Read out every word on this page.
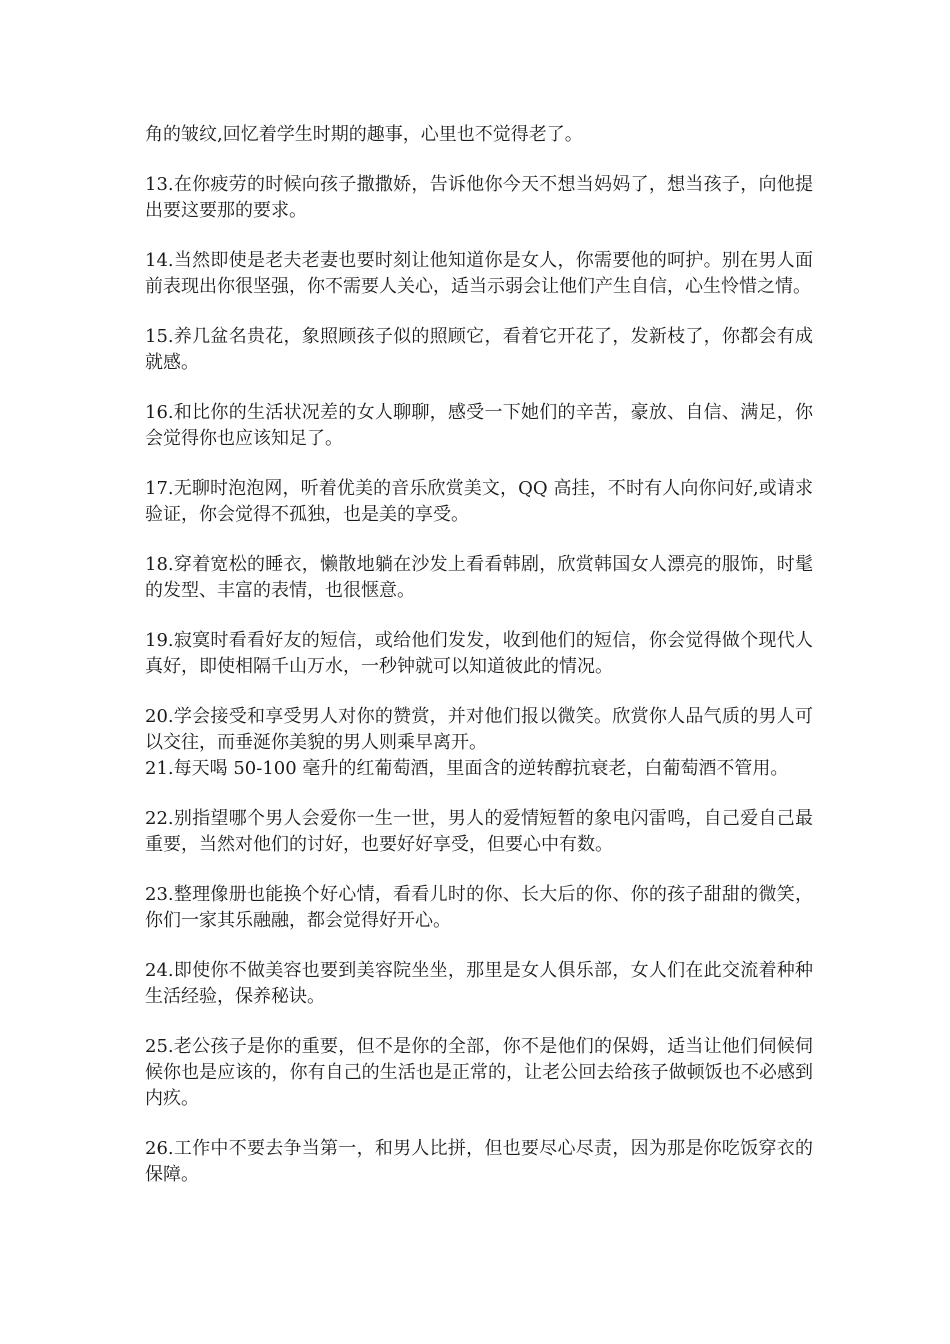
角的皱纹,回忆着学生时期的趣事，心里也不觉得老了。

13.在你疲劳的时候向孩子撒撒娇，告诉他你今天不想当妈妈了，想当孩子，向他提出要这要那的要求。

14.当然即使是老夫老妻也要时刻让他知道你是女人，你需要他的呵护。别在男人面前表现出你很坚强，你不需要人关心，适当示弱会让他们产生自信，心生怜惜之情。

15.养几盆名贵花，象照顾孩子似的照顾它，看着它开花了，发新枝了，你都会有成就感。

16.和比你的生活状况差的女人聊聊，感受一下她们的辛苦，豪放、自信、满足，你会觉得你也应该知足了。

17.无聊时泡泡网，听着优美的音乐欣赏美文，QQ 高挂，不时有人向你问好,或请求验证，你会觉得不孤独，也是美的享受。

18.穿着宽松的睡衣，懒散地躺在沙发上看看韩剧，欣赏韩国女人漂亮的服饰，时髦的发型、丰富的表情，也很惬意。

19.寂寞时看看好友的短信，或给他们发发，收到他们的短信，你会觉得做个现代人真好，即使相隔千山万水，一秒钟就可以知道彼此的情况。

20.学会接受和享受男人对你的赞赏，并对他们报以微笑。欣赏你人品气质的男人可以交往，而垂涎你美貌的男人则乘早离开。

21.每天喝 50-100 毫升的红葡萄酒，里面含的逆转醇抗衰老，白葡萄酒不管用。

22.别指望哪个男人会爱你一生一世，男人的爱情短暂的象电闪雷鸣，自己爱自己最重要，当然对他们的讨好，也要好好享受，但要心中有数。

23.整理像册也能换个好心情，看看儿时的你、长大后的你、你的孩子甜甜的微笑，你们一家其乐融融，都会觉得好开心。

24.即使你不做美容也要到美容院坐坐，那里是女人俱乐部，女人们在此交流着种种生活经验，保养秘诀。

25.老公孩子是你的重要，但不是你的全部，你不是他们的保姆，适当让他们伺候伺候你也是应该的，你有自己的生活也是正常的，让老公回去给孩子做顿饭也不必感到内疚。

26.工作中不要去争当第一，和男人比拼，但也要尽心尽责，因为那是你吃饭穿衣的保障。
